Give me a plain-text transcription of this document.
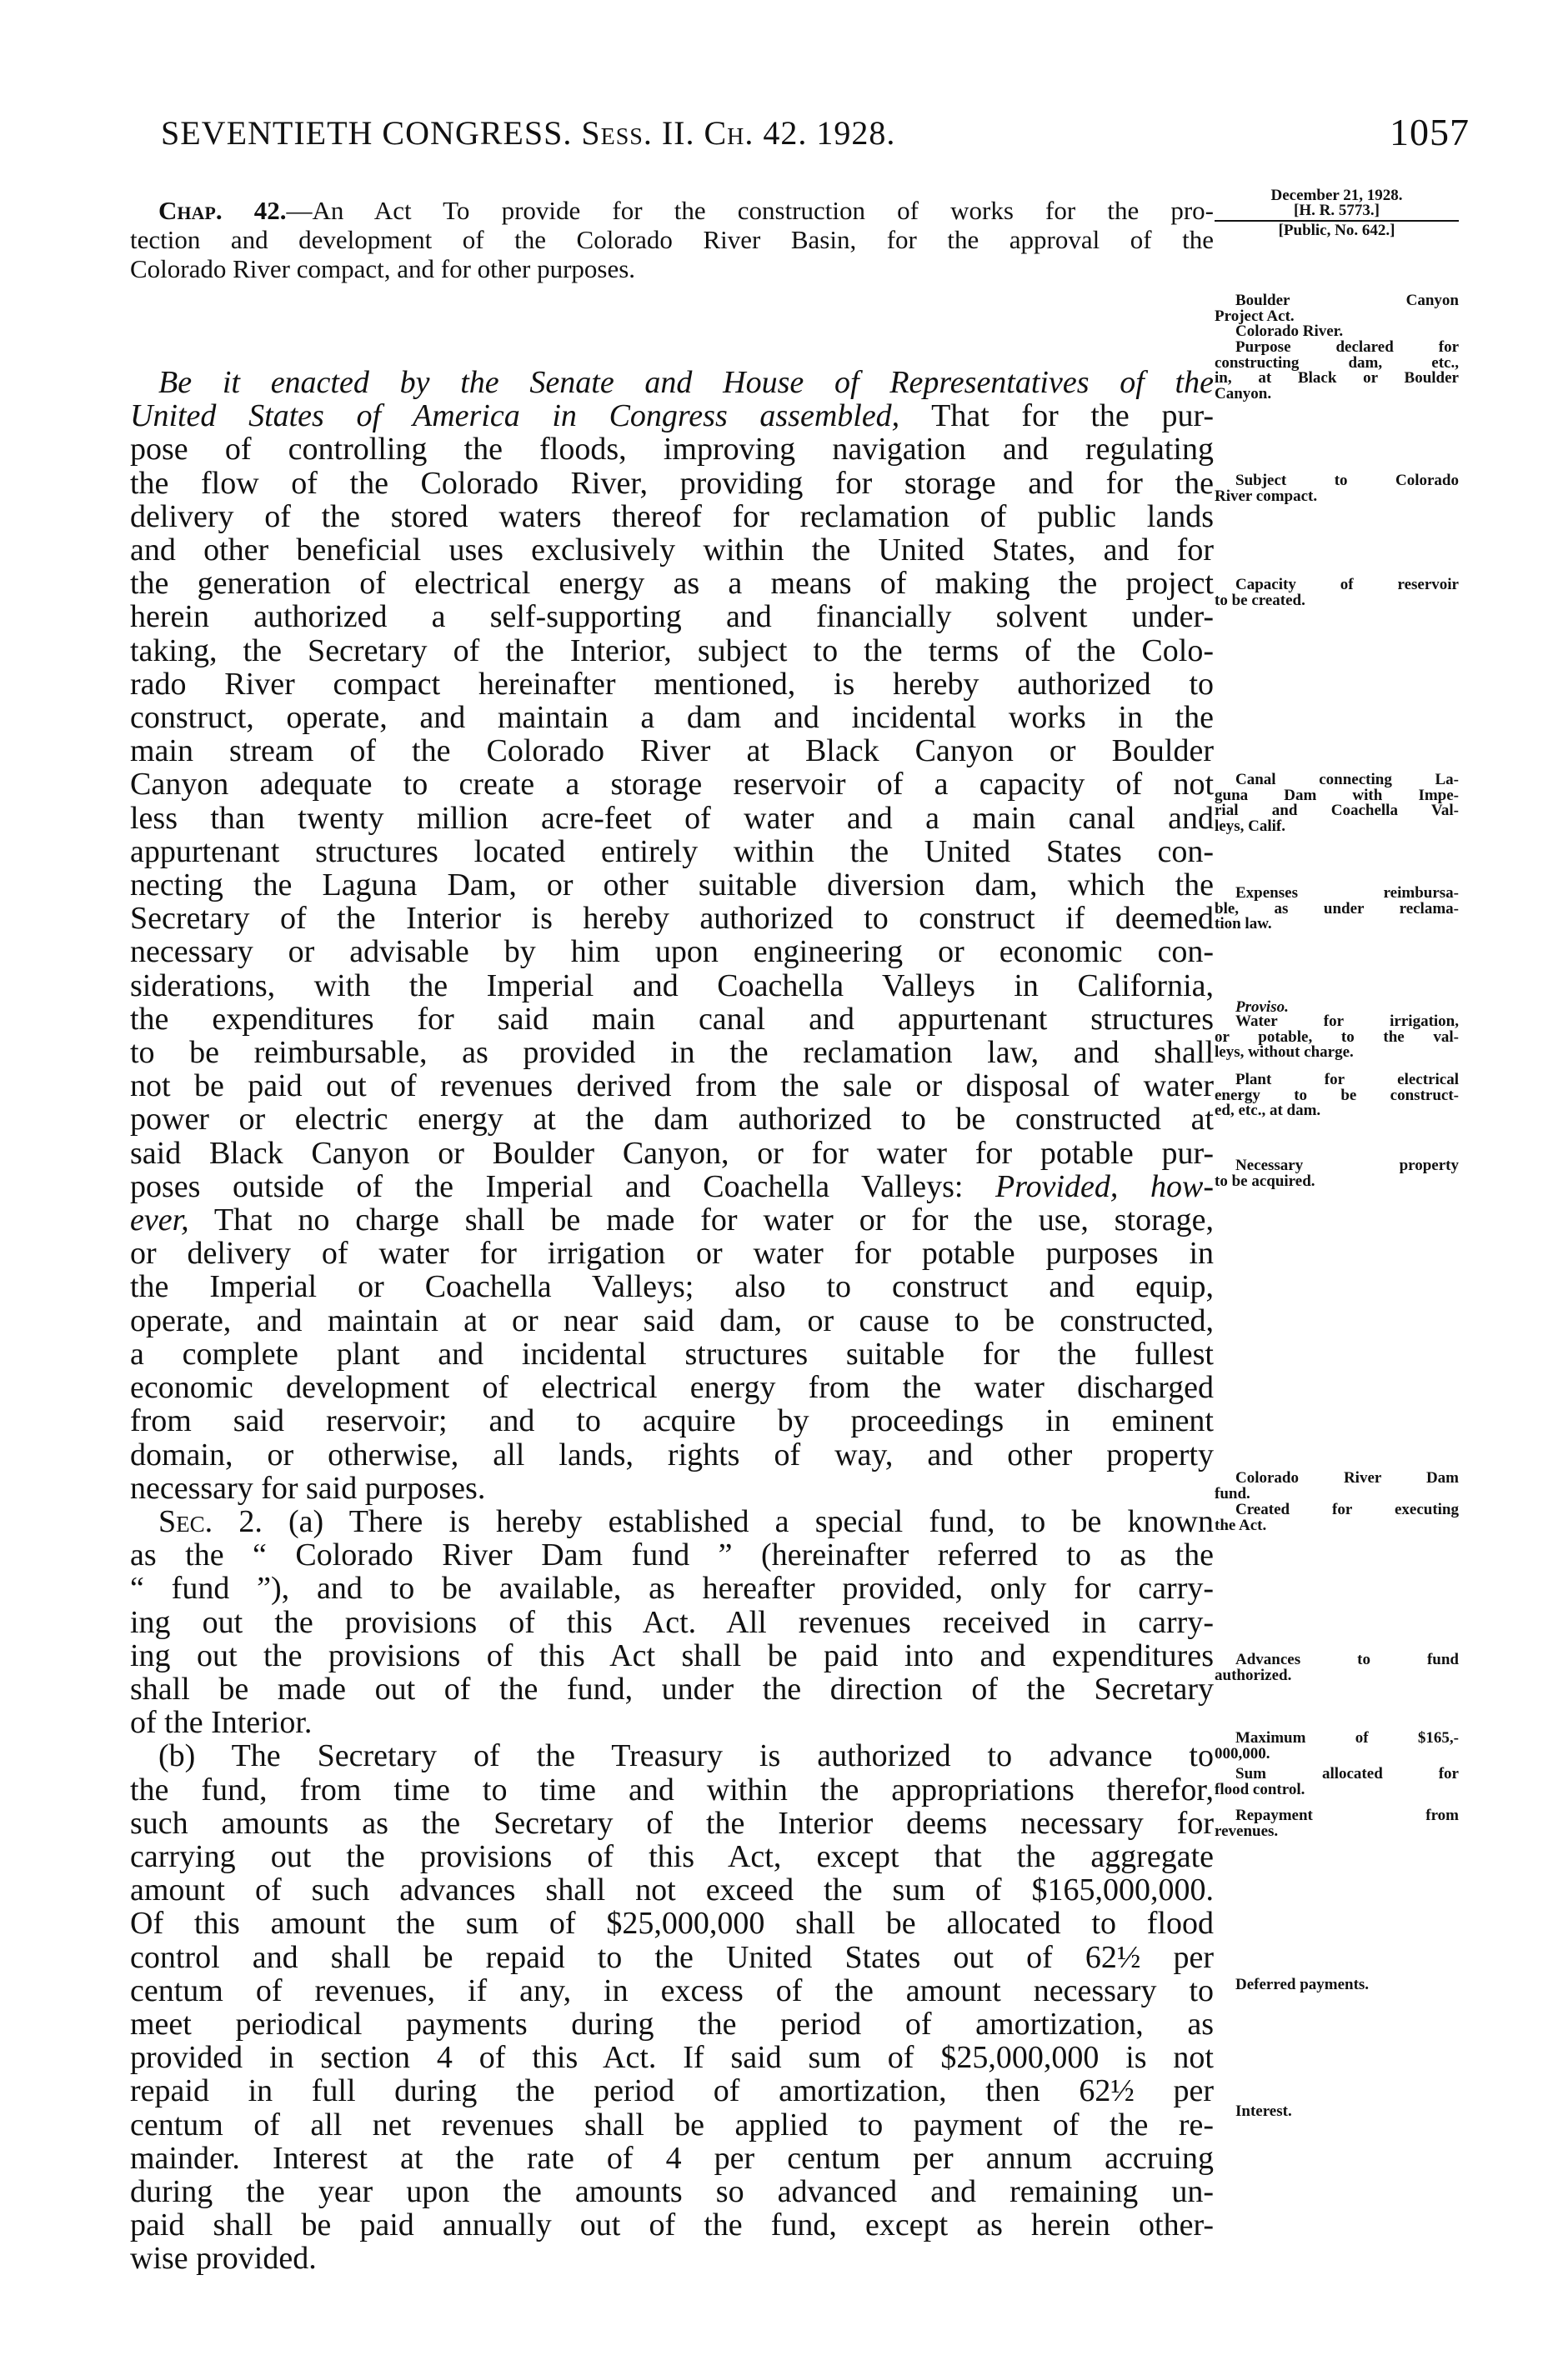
SEVENTIETH CONGRESS. Sess. II. Ch. 42. 1928.	1057
Chap. 42.—An Act To provide for the construction of works for the pro-
tection and development of the Colorado River Basin, for the approval of the
Colorado River compact, and for other purposes.
December 21, 1928.
[H. R. 5773.]
[Public, No. 642.]
Be it enacted by the Senate and House of Representatives of the
United States of America in Congress assembled, That for the pur-
pose of controlling the floods, improving navigation and regulating
the flow of the Colorado River, providing for storage and for the
delivery of the stored waters thereof for reclamation of public lands
and other beneficial uses exclusively within the United States, and for
the generation of electrical energy as a means of making the project
herein authorized a self-supporting and financially solvent under-
taking, the Secretary of the Interior, subject to the terms of the Colo-
rado River compact hereinafter mentioned, is hereby authorized to
construct, operate, and maintain a dam and incidental works in the
main stream of the Colorado River at Black Canyon or Boulder
Canyon adequate to create a storage reservoir of a capacity of not
less than twenty million acre-feet of water and a main canal and
appurtenant structures located entirely within the United States con-
necting the Laguna Dam, or other suitable diversion dam, which the
Secretary of the Interior is hereby authorized to construct if deemed
necessary or advisable by him upon engineering or economic con-
siderations, with the Imperial and Coachella Valleys in California,
the expenditures for said main canal and appurtenant structures
to be reimbursable, as provided in the reclamation law, and shall
not be paid out of revenues derived from the sale or disposal of water
power or electric energy at the dam authorized to be constructed at
said Black Canyon or Boulder Canyon, or for water for potable pur-
poses outside of the Imperial and Coachella Valleys: Provided, how-
ever, That no charge shall be made for water or for the use, storage,
or delivery of water for irrigation or water for potable purposes in
the Imperial or Coachella Valleys; also to construct and equip,
operate, and maintain at or near said dam, or cause to be constructed,
a complete plant and incidental structures suitable for the fullest
economic development of electrical energy from the water discharged
from said reservoir; and to acquire by proceedings in eminent
domain, or otherwise, all lands, rights of way, and other property
necessary for said purposes.
Sec. 2. (a) There is hereby established a special fund, to be known
as the “ Colorado River Dam fund ” (hereinafter referred to as the
“ fund ”), and to be available, as hereafter provided, only for carry-
ing out the provisions of this Act. All revenues received in carry-
ing out the provisions of this Act shall be paid into and expenditures
shall be made out of the fund, under the direction of the Secretary
of the Interior.
(b) The Secretary of the Treasury is authorized to advance to
the fund, from time to time and within the appropriations therefor,
such amounts as the Secretary of the Interior deems necessary for
carrying out the provisions of this Act, except that the aggregate
amount of such advances shall not exceed the sum of $165,000,000.
Of this amount the sum of $25,000,000 shall be allocated to flood
control and shall be repaid to the United States out of 62½ per
centum of revenues, if any, in excess of the amount necessary to
meet periodical payments during the period of amortization, as
provided in section 4 of this Act. If said sum of $25,000,000 is not
repaid in full during the period of amortization, then 62½ per
centum of all net revenues shall be applied to payment of the re-
mainder. Interest at the rate of 4 per centum per annum accruing
during the year upon the amounts so advanced and remaining un-
paid shall be paid annually out of the fund, except as herein other-
wise provided.
Boulder Canyon
Project Act.
Colorado River.
Purpose declared for
constructing dam, etc.,
in, at Black or Boulder
Canyon.
Subject to Colorado
River compact.
Capacity of reservoir
to be created.
Canal connecting La-
guna Dam with Impe-
rial and Coachella Val-
leys, Calif.
Expenses reimbursa-
ble, as under reclama-
tion law.
Proviso.
Water for irrigation,
or potable, to the val-
leys, without charge.
Plant for electrical
energy to be construct-
ed, etc., at dam.
Necessary property
to be acquired.
Colorado River Dam
fund.
Created for executing
the Act.
Advances to fund
authorized.
Maximum of $165,-
000,000.
Sum allocated for
flood control.
Repayment from
revenues.
Deferred payments.
Interest.
